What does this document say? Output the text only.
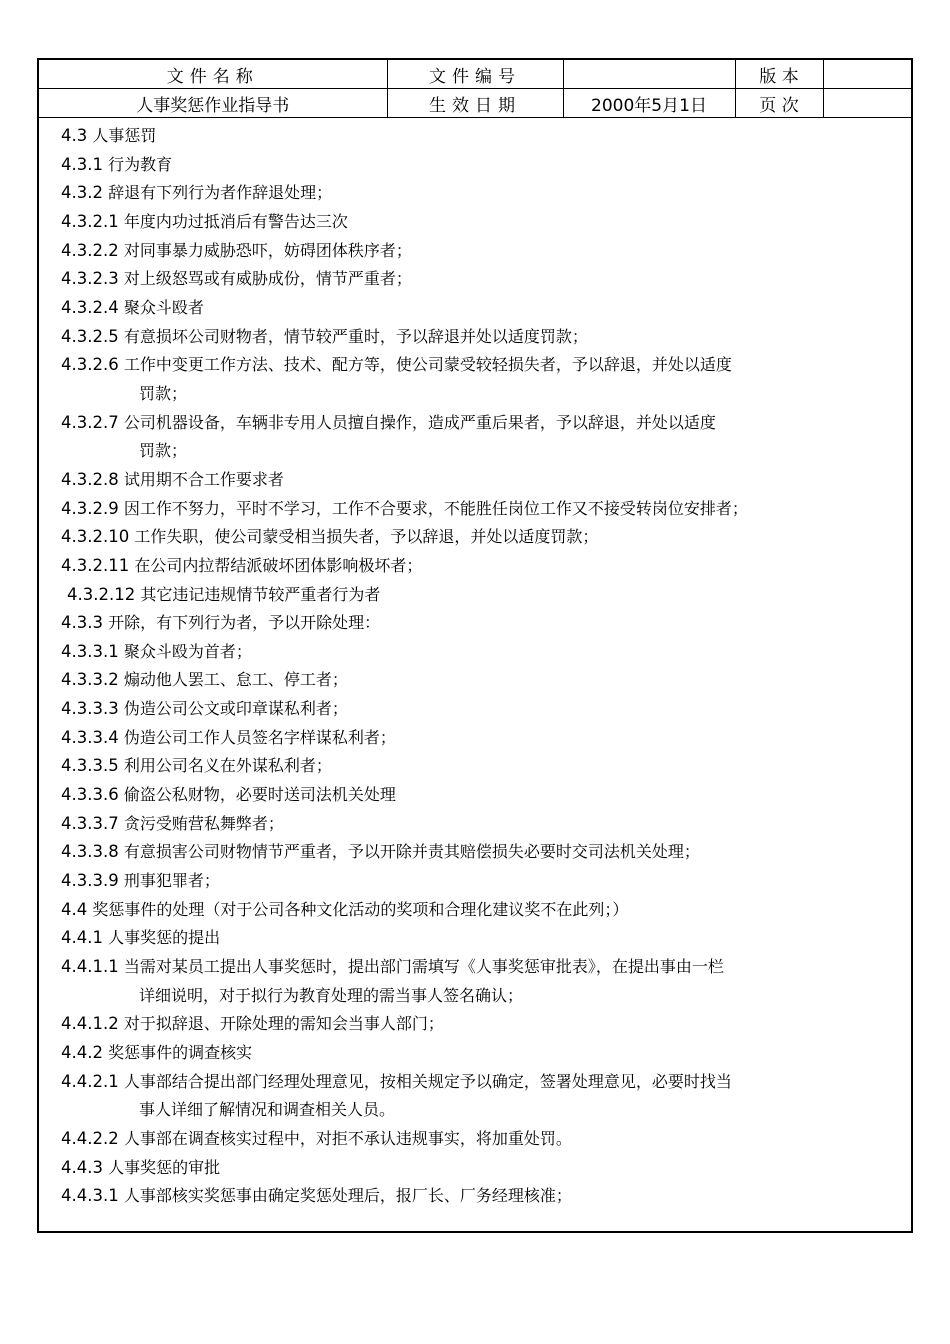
文件名称	文件编号		版 本	
人事奖惩作业指导书	生效日期	2000年5月1日	页 次	
4.3 人事惩罚
4.3.1 行为教育
4.3.2 辞退有下列行为者作辞退处理；
4.3.2.1 年度内功过抵消后有警告达三次
4.3.2.2 对同事暴力威胁恐吓，妨碍团体秩序者；
4.3.2.3 对上级怒骂或有威胁成份，情节严重者；
4.3.2.4 聚众斗殴者
4.3.2.5 有意损坏公司财物者，情节较严重时，予以辞退并处以适度罚款；
4.3.2.6 工作中变更工作方法、技术、配方等，使公司蒙受较轻损失者，予以辞退，并处以适度
罚款；
4.3.2.7 公司机器设备，车辆非专用人员擅自操作，造成严重后果者，予以辞退，并处以适度
罚款；
4.3.2.8 试用期不合工作要求者
4.3.2.9 因工作不努力，平时不学习，工作不合要求，不能胜任岗位工作又不接受转岗位安排者；
4.3.2.10 工作失职，使公司蒙受相当损失者，予以辞退，并处以适度罚款；
4.3.2.11 在公司内拉帮结派破坏团体影响极坏者；
4.3.2.12 其它违记违规情节较严重者行为者
4.3.3 开除，有下列行为者，予以开除处理：
4.3.3.1 聚众斗殴为首者；
4.3.3.2 煽动他人罢工、怠工、停工者；
4.3.3.3 伪造公司公文或印章谋私利者；
4.3.3.4 伪造公司工作人员签名字样谋私利者；
4.3.3.5 利用公司名义在外谋私利者；
4.3.3.6 偷盗公私财物，必要时送司法机关处理
4.3.3.7 贪污受贿营私舞弊者；
4.3.3.8 有意损害公司财物情节严重者，予以开除并责其赔偿损失必要时交司法机关处理；
4.3.3.9 刑事犯罪者；
4.4 奖惩事件的处理（对于公司各种文化活动的奖项和合理化建议奖不在此列；）
4.4.1 人事奖惩的提出
4.4.1.1 当需对某员工提出人事奖惩时，提出部门需填写《人事奖惩审批表》，在提出事由一栏
详细说明，对于拟行为教育处理的需当事人签名确认；
4.4.1.2 对于拟辞退、开除处理的需知会当事人部门；
4.4.2 奖惩事件的调查核实
4.4.2.1 人事部结合提出部门经理处理意见，按相关规定予以确定，签署处理意见，必要时找当
事人详细了解情况和调查相关人员。
4.4.2.2 人事部在调查核实过程中，对拒不承认违规事实，将加重处罚。
4.4.3 人事奖惩的审批
4.4.3.1 人事部核实奖惩事由确定奖惩处理后，报厂长、厂务经理核准；
